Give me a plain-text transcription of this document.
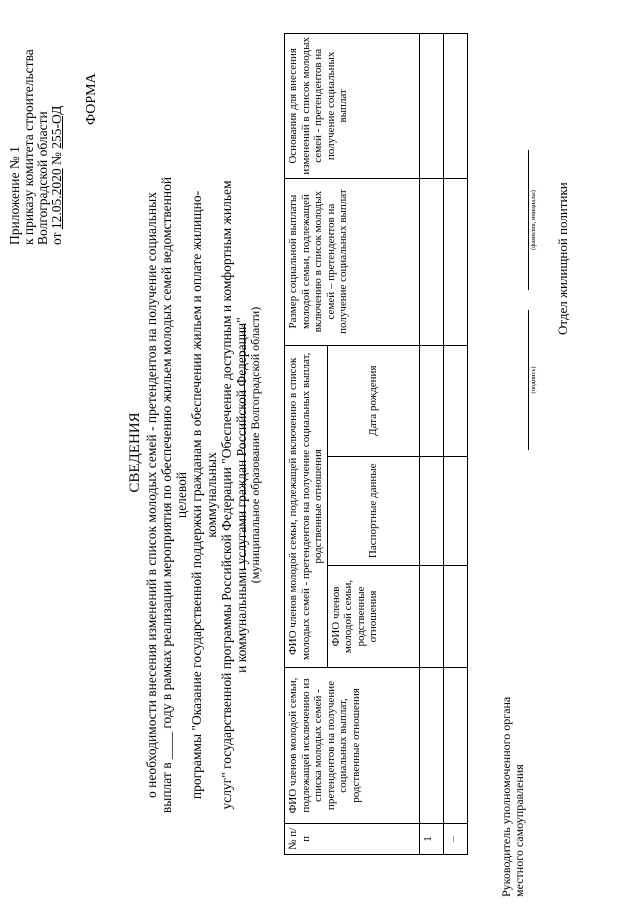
Приложение № 1 к приказу комитета строительства Волгоградской области от 12.05.2020 № 255-ОД
ФОРМА
СВЕДЕНИЯ о необходимости внесения изменений в список молодых семей - претендентов на получение социальных выплат в ____ году в рамках реализации мероприятия по обеспечению жильем молодых семей ведомственной целевой программы "Оказание государственной поддержки гражданам в обеспечении жильем и оплате жилищно-коммунальных услуг" государственной программы Российской Федерации "Обеспечение доступным и комфортным жильем и коммунальными услугами граждан Российской Федерации" (муниципальное образование Волгоградской области)
№ п/п	ФИО членов молодой семьи, подлежащей исключению из списка молодых семей - претендентов на получение социальных выплат, родственные отношения	ФИО членов молодой семьи, подлежащей включению в список молодых семей - претендентов на получение социальных выплат, родственные отношения			Размер социальной выплаты молодой семьи, подлежащей включению в список молодых семей – претендентов на получение социальных выплат	Основания для внесения изменений в список молодых семей - претендентов на получение социальных выплат
		ФИО членов молодой семьи, родственные отношения	Паспортные данные	Дата рождения		
1						
...							Руководитель уполномоченного органа местного самоуправления
(подпись)
(фамилия, инициалы) Отдел жилищной политики
